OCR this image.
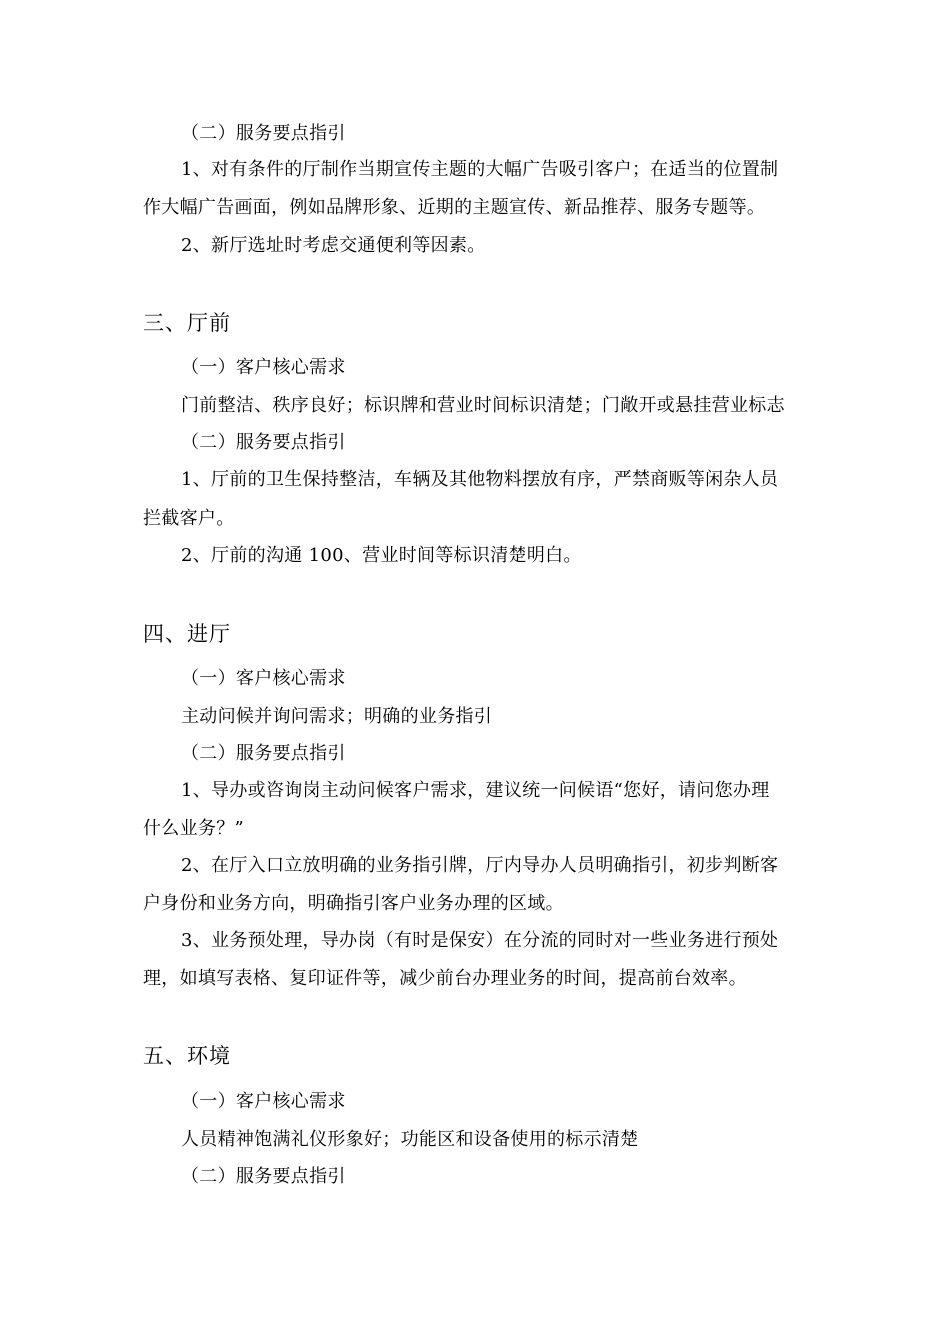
（二）服务要点指引
1、对有条件的厅制作当期宣传主题的大幅广告吸引客户；在适当的位置制
作大幅广告画面，例如品牌形象、近期的主题宣传、新品推荐、服务专题等。
2、新厅选址时考虑交通便利等因素。
三、厅前
（一）客户核心需求
门前整洁、秩序良好；标识牌和营业时间标识清楚；门敞开或悬挂营业标志
（二）服务要点指引
1、厅前的卫生保持整洁，车辆及其他物料摆放有序，严禁商贩等闲杂人员
拦截客户。
2、厅前的沟通 100、营业时间等标识清楚明白。
四、进厅
（一）客户核心需求
主动问候并询问需求；明确的业务指引
（二）服务要点指引
1、导办或咨询岗主动问候客户需求，建议统一问候语“您好，请问您办理
什么业务？”
2、在厅入口立放明确的业务指引牌，厅内导办人员明确指引，初步判断客
户身份和业务方向，明确指引客户业务办理的区域。
3、业务预处理，导办岗（有时是保安）在分流的同时对一些业务进行预处
理，如填写表格、复印证件等，减少前台办理业务的时间，提高前台效率。
五、环境
（一）客户核心需求
人员精神饱满礼仪形象好；功能区和设备使用的标示清楚
（二）服务要点指引
